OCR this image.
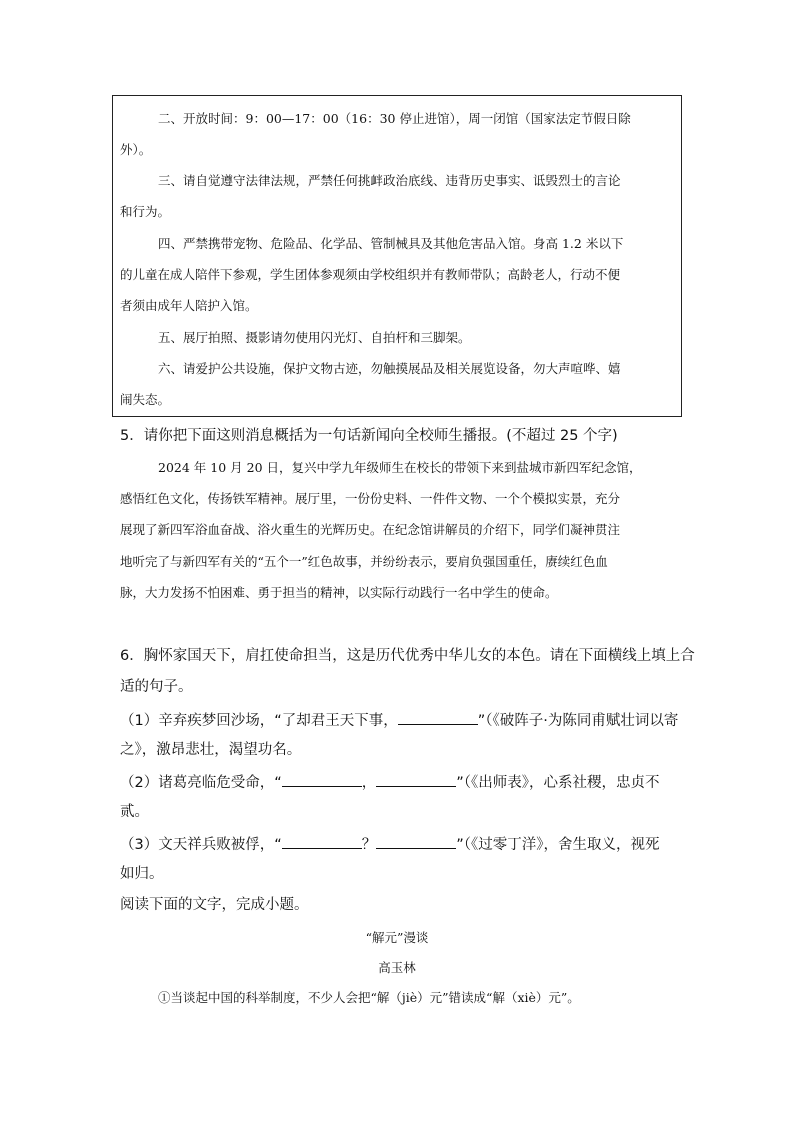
二、开放时间：9：00—17：00（16：30 停止进馆），周一闭馆（国家法定节假日除
外）。
三、请自觉遵守法律法规，严禁任何挑衅政治底线、违背历史事实、诋毁烈士的言论
和行为。
四、严禁携带宠物、危险品、化学品、管制械具及其他危害品入馆。身高 1.2 米以下
的儿童在成人陪伴下参观，学生团体参观须由学校组织并有教师带队；高龄老人，行动不便
者须由成年人陪护入馆。
五、展厅拍照、摄影请勿使用闪光灯、自拍杆和三脚架。
六、请爱护公共设施，保护文物古迹，勿触摸展品及相关展览设备，勿大声喧哗、嬉
闹失态。
5．请你把下面这则消息概括为一句话新闻向全校师生播报。(不超过 25 个字)
2024 年 10 月 20 日，复兴中学九年级师生在校长的带领下来到盐城市新四军纪念馆，
感悟红色文化，传扬铁军精神。展厅里，一份份史料、一件件文物、一个个模拟实景，充分
展现了新四军浴血奋战、浴火重生的光辉历史。在纪念馆讲解员的介绍下，同学们凝神贯注
地听完了与新四军有关的“五个一”红色故事，并纷纷表示，要肩负强国重任，赓续红色血
脉，大力发扬不怕困难、勇于担当的精神，以实际行动践行一名中学生的使命。
6．胸怀家国天下，肩扛使命担当，这是历代优秀中华儿女的本色。请在下面横线上填上合
适的句子。
（1）辛弃疾梦回沙场，“了却君王天下事，	”（《破阵子·为陈同甫赋壮词以寄
之》，激昂悲壮，渴望功名。
（2）诸葛亮临危受命，“	，	”（《出师表》，心系社稷，忠贞不
贰。
（3）文天祥兵败被俘，“	？	”（《过零丁洋》，舍生取义，视死
如归。
阅读下面的文字，完成小题。
“解元”漫谈
高玉林
①当谈起中国的科举制度，不少人会把“解（jiè）元”错读成“解（xiè）元”。
